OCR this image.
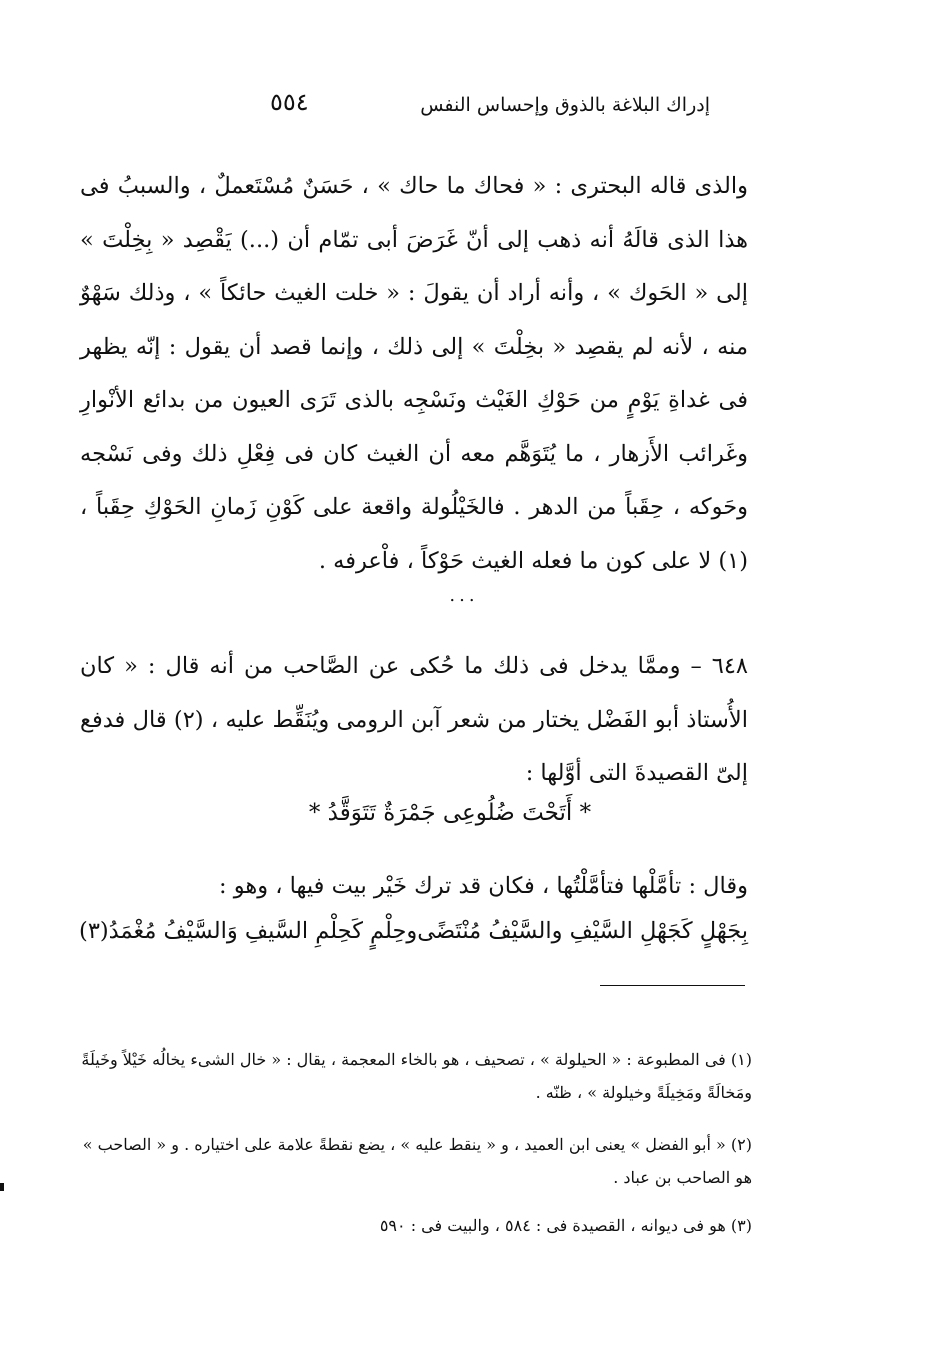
٥٥٤	إدراك البلاغة بالذوق وإحساس النفس

والذى قاله البحترى : « فحاك ما حاك » ، حَسَنٌ مُسْتَعملٌ ، والسببُ فى هذا الذى قالَهُ أنه ذهب إلى أنّ غَرَضَ أبى تمّام أن (...) يَقْصِد « بِخِلْتَ » إلى « الحَوك » ، وأنه أراد أن يقولَ : « خلت الغيث حائكاً » ، وذلك سَهْوٌ منه ، لأنه لم يقصِد « بخِلْتَ » إلى ذلك ، وإنما قصد أن يقول : إنّه يظهر فى غداةِ يَوْمٍ من حَوْكِ الغَيْث ونَسْجِه بالذى تَرَى العيون من بدائع الأنْوارِ وغَرائب الأَزهار ، ما يُتَوَهَّم معه أن الغيث كان فى فِعْلِ ذلك وفى نَسْجه وحَوكه ، حِقَباً من الدهر . فالخَيْلُولة واقعة على كَوْنِ زَمانِ الحَوْكِ حِقَباً ، (١) لا على كون ما فعله الغيث حَوْكاً ، فاْعرفه .

...

٦٤٨ – وممَّا يدخل فى ذلك ما حُكى عن الصَّاحب من أنه قال : « كان الأُستاذ أبو الفَضْل يختار من شعر آبن الرومى ويُنَقِّط عليه ، (٢) قال فدفع إلىّ القصيدةَ التى أوَّلها :

* أَتَحْتَ ضُلُوعِى جَمْرَةٌ تَتَوَقَّدُ *

وقال : تأمَّلْها فتأمَّلْتُها ، فكان قد ترك خَيْر بيت فيها ، وهو :

بِجَهْلٍ كَجَهْلِ السَّيْفِ والسَّيْفُ مُنْتَضًى
وحِلْمٍ كَحِلْمِ السَّيفِ وَالسَّيْفُ مُغْمَدُ(٣)

(١) فى المطبوعة : « الحيلولة » ، تصحيف ، هو بالخاء المعجمة ، يقال : « خال الشىء يخالُه خَيْلاً وخَيلَةً ومَخالَةً ومَخِيلَةً وخيلولة » ، ظنّه .

(٢) « أبو الفضل » يعنى ابن العميد ، و « ينقط عليه » ، يضع نقطةً علامة على اختياره . و « الصاحب » هو الصاحب بن عباد .

(٣) هو فى ديوانه ، القصيدة فى : ٥٨٤ ، والبيت فى : ٥٩٠
